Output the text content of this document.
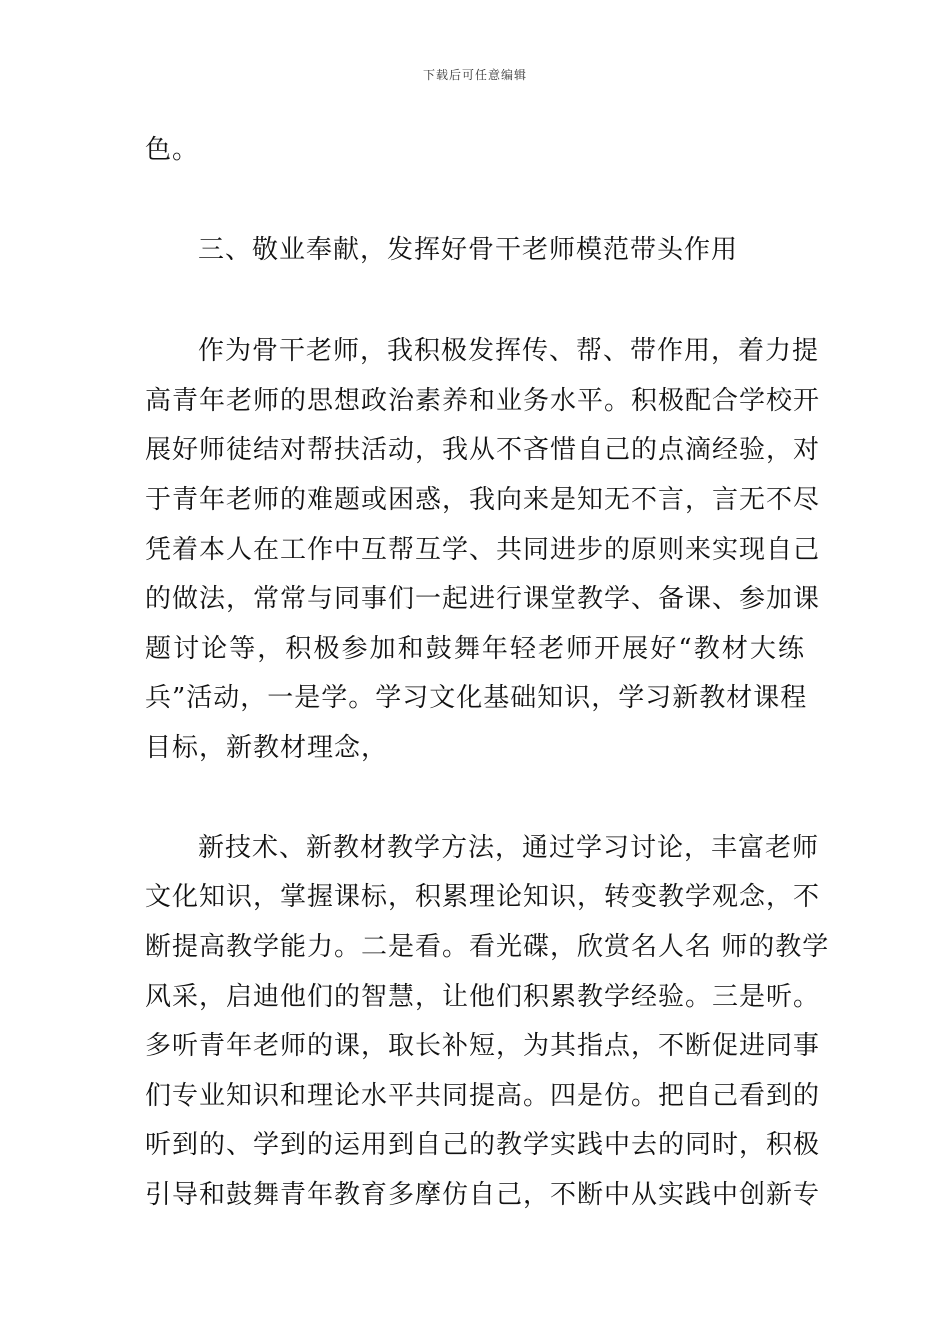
下载后可任意编辑
色。
三、敬业奉献，发挥好骨干老师模范带头作用
作为骨干老师，我积极发挥传、帮、带作用，着力提
高青年老师的思想政治素养和业务水平。积极配合学校开
展好师徒结对帮扶活动，我从不吝惜自己的点滴经验，对
于青年老师的难题或困惑，我向来是知无不言，言无不尽
凭着本人在工作中互帮互学、共同进步的原则来实现自己
的做法，常常与同事们一起进行课堂教学、备课、参加课
题讨论等，积极参加和鼓舞年轻老师开展好“教材大练
兵”活动，一是学。学习文化基础知识，学习新教材课程
目标，新教材理念，
新技术、新教材教学方法，通过学习讨论，丰富老师
文化知识，掌握课标，积累理论知识，转变教学观念，不
断提高教学能力。二是看。看光碟，欣赏名人名 师的教学
风采，启迪他们的智慧，让他们积累教学经验。三是听。
多听青年老师的课，取长补短，为其指点，不断促进同事
们专业知识和理论水平共同提高。四是仿。把自己看到的
听到的、学到的运用到自己的教学实践中去的同时，积极
引导和鼓舞青年教育多摩仿自己，不断中从实践中创新专
